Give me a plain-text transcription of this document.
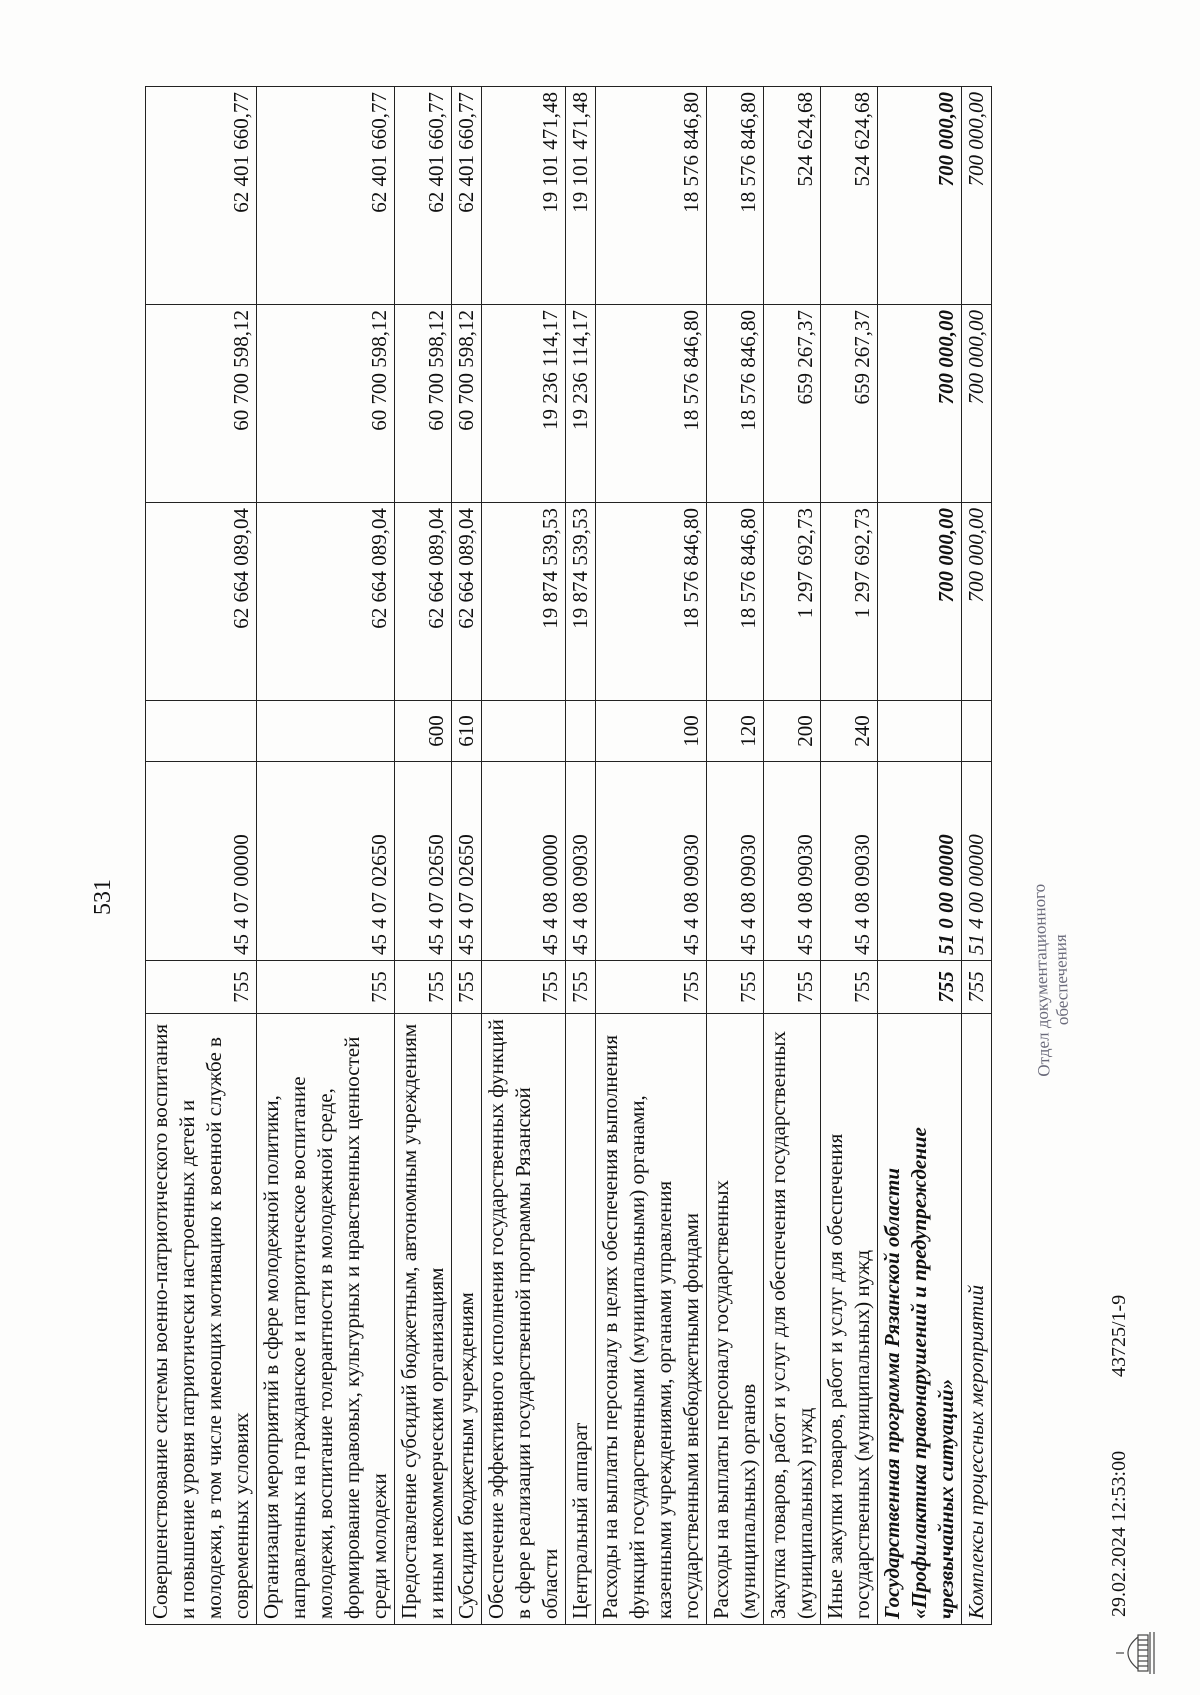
531
Совершенствование системы военно-патриотического воспитания и повышение уровня патриотически настроенных детей и молодежи, в том числе имеющих мотивацию к военной службе в современных условиях	755	45 4 07 00000		62 664 089,04	60 700 598,12	62 401 660,77
Организация мероприятий в сфере молодежной политики, направленных на гражданское и патриотическое воспитание молодежи, воспитание толерантности в молодежной среде, формирование правовых, культурных и нравственных ценностей среди молодежи	755	45 4 07 02650		62 664 089,04	60 700 598,12	62 401 660,77
Предоставление субсидий бюджетным, автономным учреждениям и иным некоммерческим организациям	755	45 4 07 02650	600	62 664 089,04	60 700 598,12	62 401 660,77
Субсидии бюджетным учреждениям	755	45 4 07 02650	610	62 664 089,04	60 700 598,12	62 401 660,77
Обеспечение эффективного исполнения государственных функций в сфере реализации государственной программы Рязанской области	755	45 4 08 00000		19 874 539,53	19 236 114,17	19 101 471,48
Центральный аппарат	755	45 4 08 09030		19 874 539,53	19 236 114,17	19 101 471,48
Расходы на выплаты персоналу в целях обеспечения выполнения функций государственными (муниципальными) органами, казенными учреждениями, органами управления государственными внебюджетными фондами	755	45 4 08 09030	100	18 576 846,80	18 576 846,80	18 576 846,80
Расходы на выплаты персоналу государственных (муниципальных) органов	755	45 4 08 09030	120	18 576 846,80	18 576 846,80	18 576 846,80
Закупка товаров, работ и услуг для обеспечения государственных (муниципальных) нужд	755	45 4 08 09030	200	1 297 692,73	659 267,37	524 624,68
Иные закупки товаров, работ и услуг для обеспечения государственных (муниципальных) нужд	755	45 4 08 09030	240	1 297 692,73	659 267,37	524 624,68
Государственная программа Рязанской области «Профилактика правонарушений и предупреждение чрезвычайных ситуаций»	755	51 0 00 00000		700 000,00	700 000,00	700 000,00
Комплексы процессных мероприятий	755	51 4 00 00000		700 000,00	700 000,00	700 000,00
29.02.2024 12:53:00
43725/1-9
Отдел документационного
обеспечения
